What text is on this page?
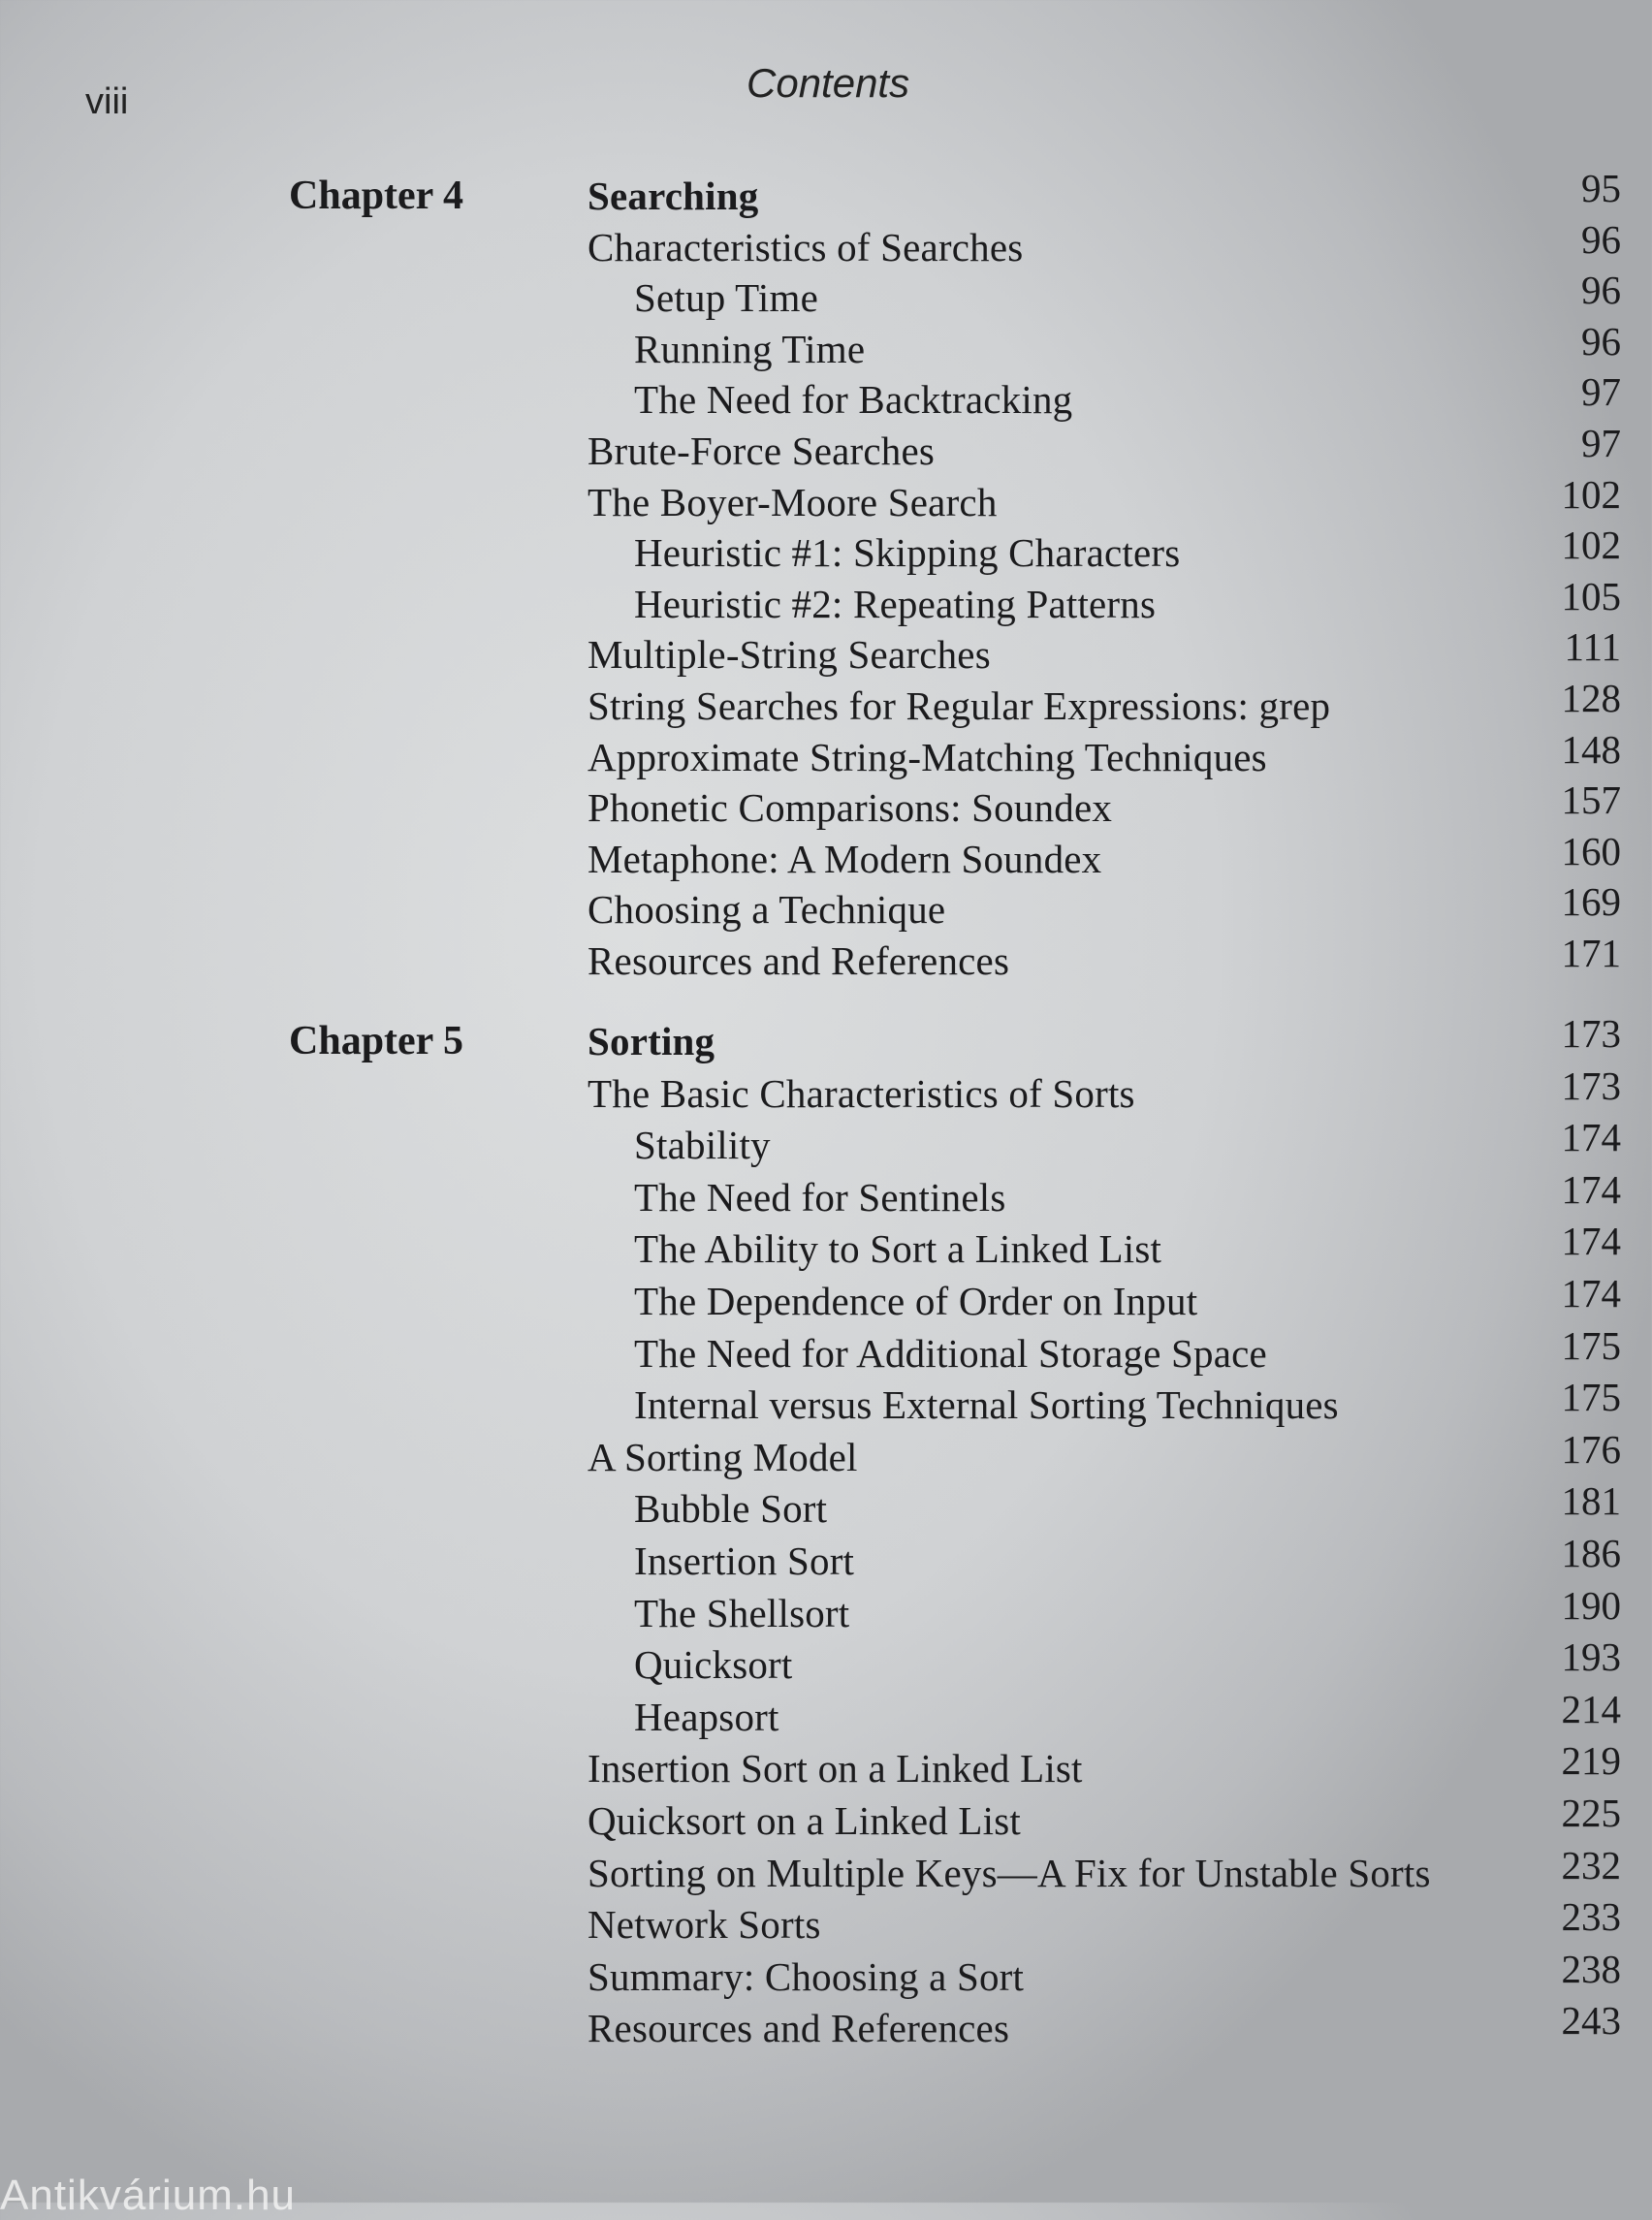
viii	Contents
Chapter 4	Searching	95
Characteristics of Searches	96
Setup Time	96
Running Time	96
The Need for Backtracking	97
Brute-Force Searches	97
The Boyer-Moore Search	102
Heuristic #1: Skipping Characters	102
Heuristic #2: Repeating Patterns	105
Multiple-String Searches	111
String Searches for Regular Expressions: grep	128
Approximate String-Matching Techniques	148
Phonetic Comparisons: Soundex	157
Metaphone: A Modern Soundex	160
Choosing a Technique	169
Resources and References	171
Chapter 5	Sorting	173
The Basic Characteristics of Sorts	173
Stability	174
The Need for Sentinels	174
The Ability to Sort a Linked List	174
The Dependence of Order on Input	174
The Need for Additional Storage Space	175
Internal versus External Sorting Techniques	175
A Sorting Model	176
Bubble Sort	181
Insertion Sort	186
The Shellsort	190
Quicksort	193
Heapsort	214
Insertion Sort on a Linked List	219
Quicksort on a Linked List	225
Sorting on Multiple Keys—A Fix for Unstable Sorts	232
Network Sorts	233
Summary: Choosing a Sort	238
Resources and References	243
Antikvárium.hu
